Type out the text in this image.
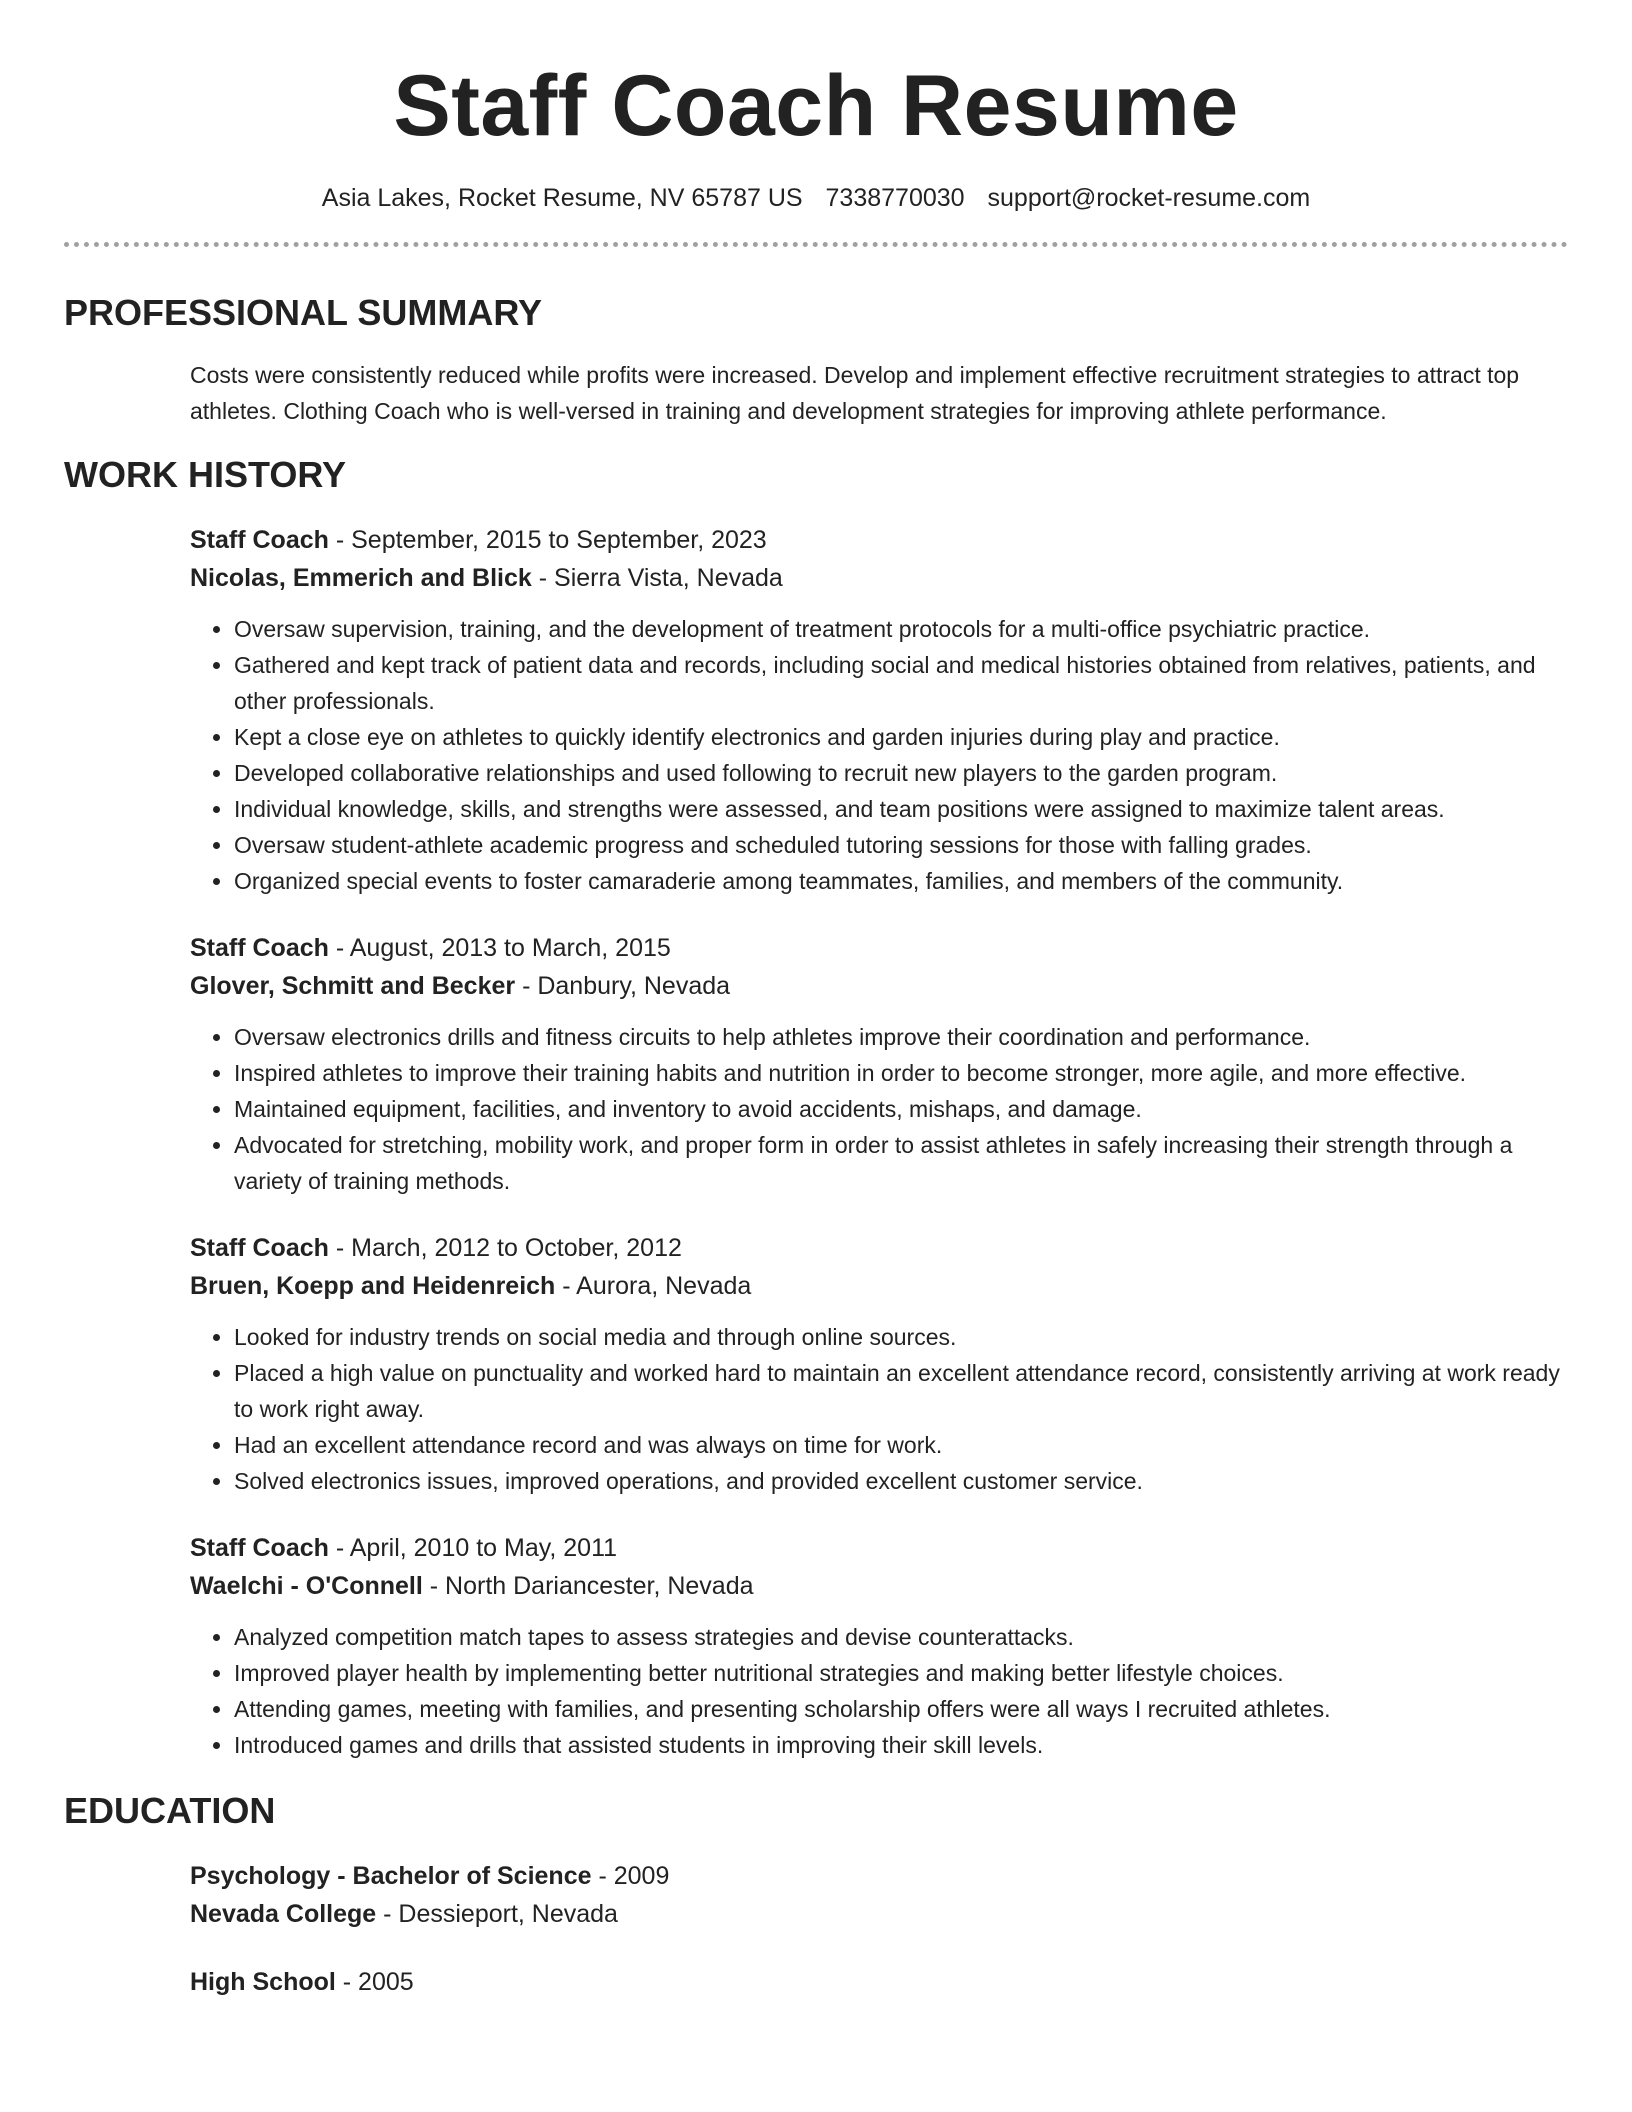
Staff Coach Resume
Asia Lakes, Rocket Resume, NV 65787 US 7338770030 support@rocket-resume.com
PROFESSIONAL SUMMARY
Costs were consistently reduced while profits were increased. Develop and implement effective recruitment strategies to attract top athletes. Clothing Coach who is well-versed in training and development strategies for improving athlete performance.
WORK HISTORY
Staff Coach - September, 2015 to September, 2023
Nicolas, Emmerich and Blick - Sierra Vista, Nevada
• Oversaw supervision, training, and the development of treatment protocols for a multi-office psychiatric practice.
• Gathered and kept track of patient data and records, including social and medical histories obtained from relatives, patients, and other professionals.
• Kept a close eye on athletes to quickly identify electronics and garden injuries during play and practice.
• Developed collaborative relationships and used following to recruit new players to the garden program.
• Individual knowledge, skills, and strengths were assessed, and team positions were assigned to maximize talent areas.
• Oversaw student-athlete academic progress and scheduled tutoring sessions for those with falling grades.
• Organized special events to foster camaraderie among teammates, families, and members of the community.
Staff Coach - August, 2013 to March, 2015
Glover, Schmitt and Becker - Danbury, Nevada
• Oversaw electronics drills and fitness circuits to help athletes improve their coordination and performance.
• Inspired athletes to improve their training habits and nutrition in order to become stronger, more agile, and more effective.
• Maintained equipment, facilities, and inventory to avoid accidents, mishaps, and damage.
• Advocated for stretching, mobility work, and proper form in order to assist athletes in safely increasing their strength through a variety of training methods.
Staff Coach - March, 2012 to October, 2012
Bruen, Koepp and Heidenreich - Aurora, Nevada
• Looked for industry trends on social media and through online sources.
• Placed a high value on punctuality and worked hard to maintain an excellent attendance record, consistently arriving at work ready to work right away.
• Had an excellent attendance record and was always on time for work.
• Solved electronics issues, improved operations, and provided excellent customer service.
Staff Coach - April, 2010 to May, 2011
Waelchi - O'Connell - North Dariancester, Nevada
• Analyzed competition match tapes to assess strategies and devise counterattacks.
• Improved player health by implementing better nutritional strategies and making better lifestyle choices.
• Attending games, meeting with families, and presenting scholarship offers were all ways I recruited athletes.
• Introduced games and drills that assisted students in improving their skill levels.
EDUCATION
Psychology - Bachelor of Science - 2009
Nevada College - Dessieport, Nevada
High School - 2005
